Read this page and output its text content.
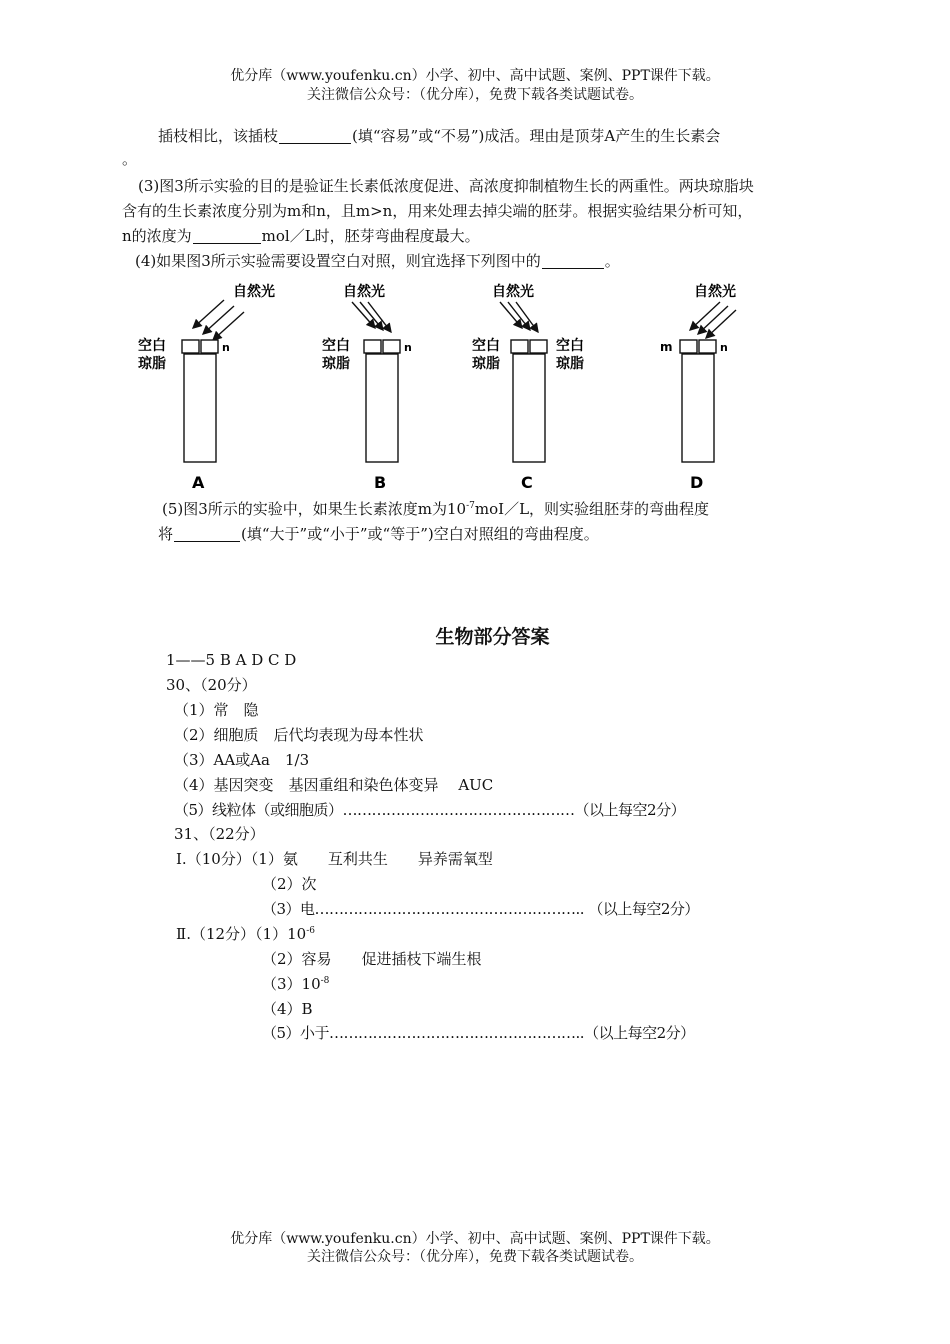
优分库（www.youfenku.cn）小学、初中、高中试题、案例、PPT课件下载。
关注微信公众号：（优分库），免费下载各类试题试卷。
插枝相比，该插枝	(填“容易”或“不易”)成活。理由是顶芽A产生的生长素会
。
(3)图3所示实验的目的是验证生长素低浓度促进、高浓度抑制植物生长的两重性。两块琼脂块
含有的生长素浓度分别为m和n，且m>n，用来处理去掉尖端的胚芽。根据实验结果分析可知，
n的浓度为	mol／L时，胚芽弯曲程度最大。
(4)如果图3所示实验需要设置空白对照，则宜选择下列图中的	。
自然光
空白
琼脂
n
A
自然光
空白
琼脂
n
B
自然光
空白
琼脂
空白
琼脂
C
自然光
m	n
D
(5)图3所示的实验中，如果生长素浓度m为$10^{-7}moI/L$，则实验组胚芽的弯曲程度
将	(填“大于”或“小于”或“等于”)空白对照组的弯曲程度。
生物部分答案
1——5 B A D C D
30、（20分）
（1）常　隐
（2）细胞质　后代均表现为母本性状
（3）AA或Aa　1/3
（4）基因突变　基因重组和染色体变异　 AUC
（5）线粒体（或细胞质）…………………………………………（以上每空2分）
31、（22分）
Ⅰ.（10分）（1）氨　　互利共生　　异养需氧型
（2）次
（3）电……………………………………………….. （以上每空2分）
Ⅱ.（12分）$(1)10^{-6}$
（2）容易　　促进插枝下端生根
$(3)10^{-8}$
（4）B
（5）小于……………………………………………..（以上每空2分）
优分库（www.youfenku.cn）小学、初中、高中试题、案例、PPT课件下载。
关注微信公众号：（优分库），免费下载各类试题试卷。
